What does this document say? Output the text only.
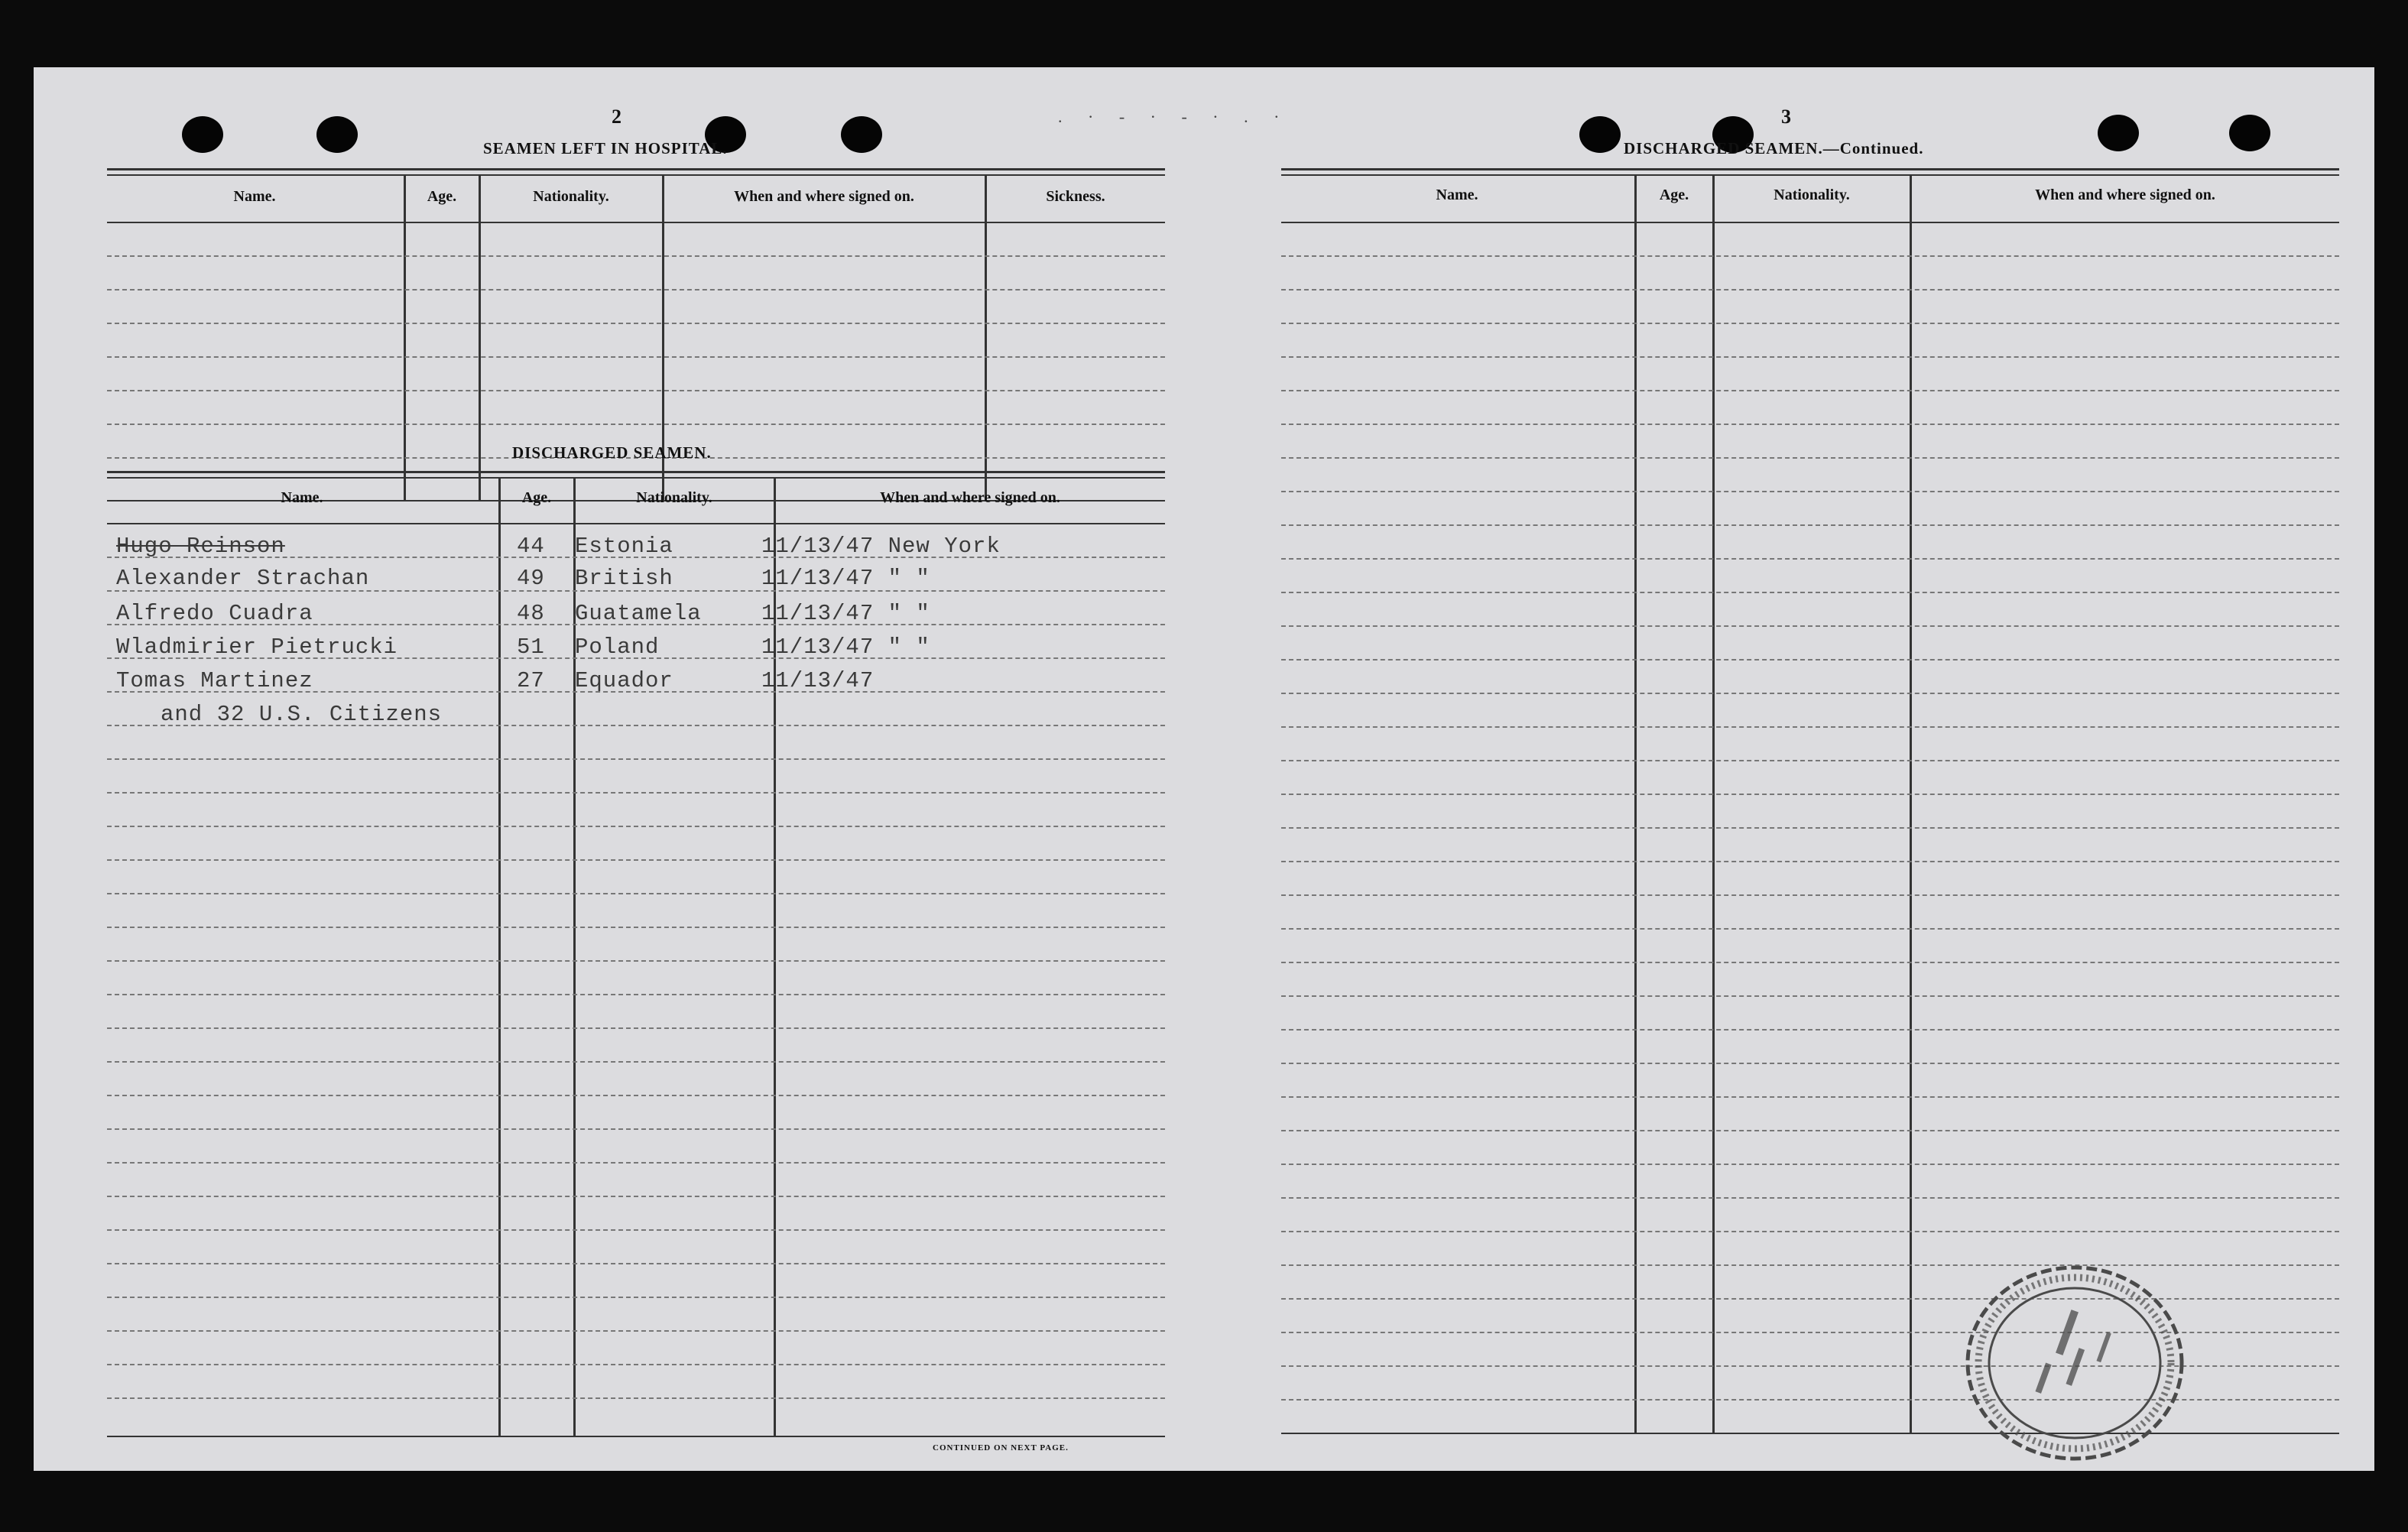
. · - · - · . ·
2
SEAMEN LEFT IN HOSPITAL.
Name.	Age.	Nationality.	When and where signed on.	Sickness.
DISCHARGED SEAMEN.
Name.	Age.	Nationality.	When and where signed on.
Hugo Reinson	44 Estonia	11/13/47 New York
Alexander Strachan	49 British	11/13/47 " "
Alfredo Cuadra	48 Guatamela	11/13/47 " "
Wladmirier Pietrucki	51 Poland	11/13/47 " "
Tomas Martinez	27 Equador	11/13/47
and 32 U.S. Citizens
CONTINUED ON NEXT PAGE.
3
DISCHARGED SEAMEN.—Continued.
Name.	Age.	Nationality.	When and where signed on.
